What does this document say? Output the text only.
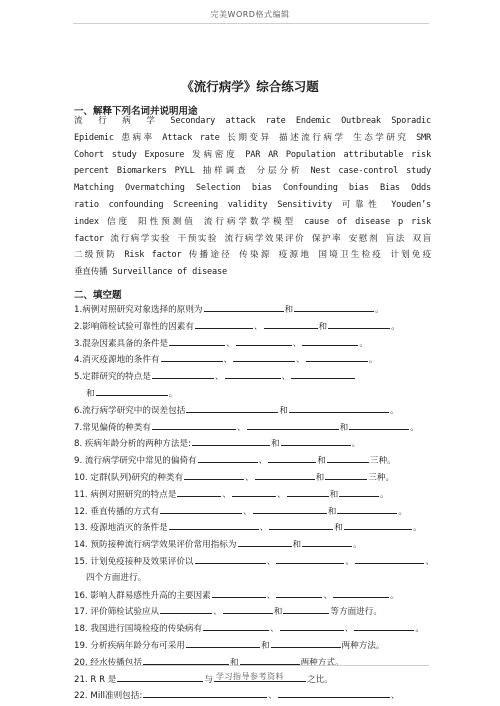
完美WORD格式编辑
《流行病学》综合练习题
一、解释下列名词并说明用途
流 行 病 学 Secondary attack rate Endemic Outbreak Sporadic
Epidemic 患病率 Attack rate 长期变异 描述流行病学 生态学研究 SMR
Cohort study Exposure 发病密度 PAR AR Population attributable risk
percent Biomarkers PYLL 抽样调查 分层分析 Nest case-control study
Matching Overmatching Selection bias Confounding bias Bias Odds
ratio confounding Screening validity Sensitivity 可靠性 Youden’s
index 信度 阳性预测值 流行病学数学模型 cause of disease p risk
factor 流行病学实验 干预实验 流行病学效果评价 保护率 安慰剂 盲法 双盲
二级预防 Risk factor 传播途径 传染源 疫源地 国境卫生检疫 计划免疫
垂直传播 Surveillance of disease
二、填空题
1.病例对照研究对象选择的原则为	和	。
2.影响筛检试验可靠性的因素有	、	和	。
3.混杂因素具备的条件是	、	、	。
4.消灭疫源地的条件有	、	、	。
5.定群研究的特点是	、	、
和	。
6.流行病学研究中的误差包括	和	。
7.常见偏倚的种类有	、	和	。
8. 疾病年龄分析的两种方法是:	和	。
9. 流行病学研究中常见的偏倚有	、	和	三种。
10. 定群(队列)研究的种类有	、	和	三种。
11. 病例对照研究的特点是	、	、	和	。
12. 垂直传播的方式有	、	和	。
13. 疫源地消灭的条件是	、	和	。
14. 预防接种流行病学效果评价常用指标为	和	。
15. 计划免疫接种及效果评价以	、	、	、
四个方面进行。
16. 影响人群易感性升高的主要因素	、	、	。
17. 评价筛检试验应从	、	和	等方面进行。
18. 我国进行国境检疫的传染病有	、	、	。
19. 分析疾病年龄分布可采用	和	两种方法。
20. 经水传播包括	和	两种方式。
21. R R 是	与	之比。
22. Mill准则包括:	、	、
学习指导参考资料
